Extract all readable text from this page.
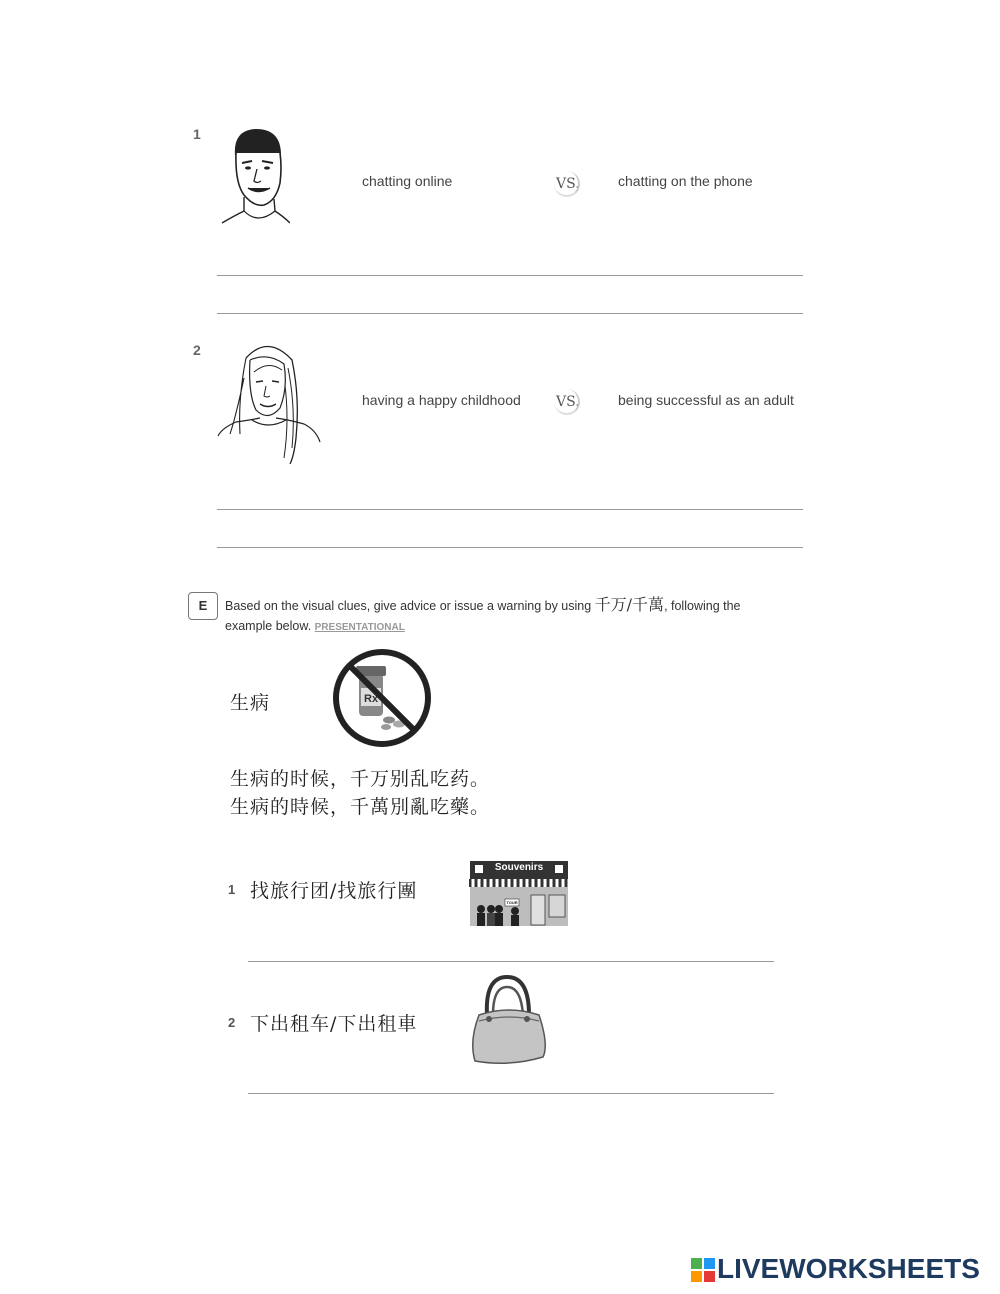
1
chatting online	VS.	chatting on the phone
2
having a happy childhood	VS.	being successful as an adult
E	Based on the visual clues, give advice or issue a warning by using 千万/千萬, following the example below. PRESENTATIONAL
生病	Rx
生病的时候，千万别乱吃药。
生病的時候，千萬別亂吃藥。
1 找旅行团/找旅行團
Souvenirs
TOUR
2 下出租车/下出租車
LIVEWORKSHEETS
